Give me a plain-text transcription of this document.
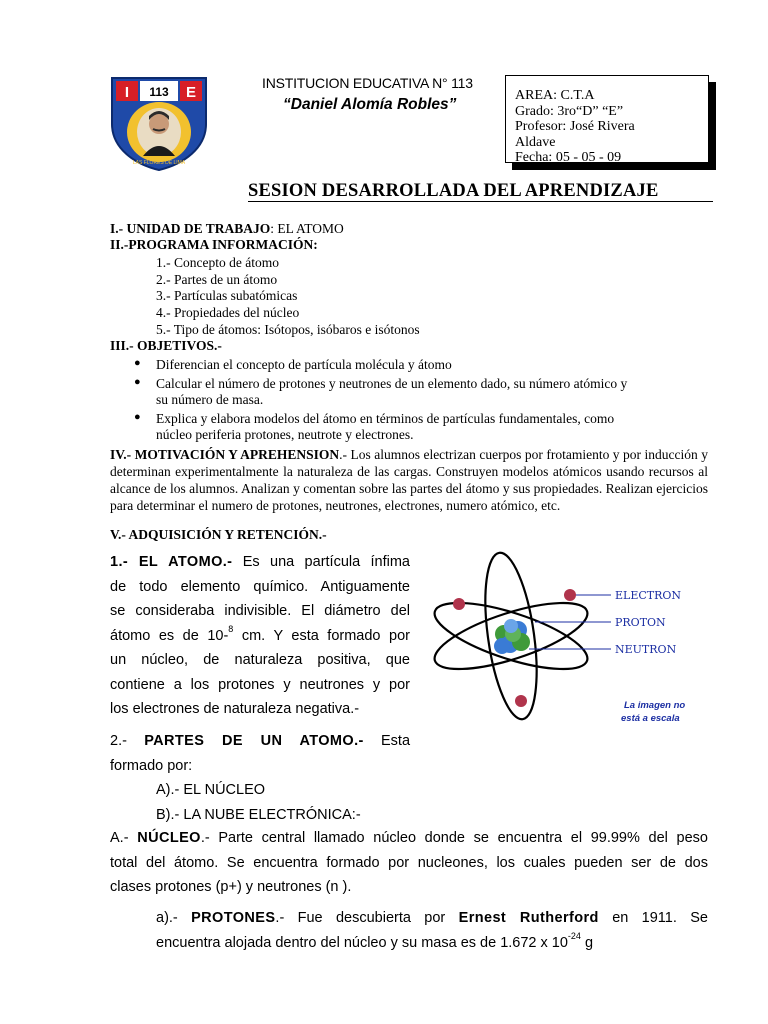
I	E
113
LAS FLORES DE LIMA
INSTITUCION EDUCATIVA N° 113
“Daniel Alomía Robles”
AREA: C.T.A
Grado: 3ro“D” “E”
Profesor: José Rivera
Aldave
Fecha: 05 - 05 - 09
SESION DESARROLLADA DEL APRENDIZAJE
I.- UNIDAD DE TRABAJO: EL ATOMO
II.-PROGRAMA INFORMACIÓN:
1.- Concepto de átomo
2.- Partes de un átomo
3.- Partículas subatómicas
4.- Propiedades del núcleo
5.- Tipo de átomos: Isótopos, isóbaros e isótonos
III.- OBJETIVOS.-
● Diferencian el concepto de partícula molécula y átomo
● Calcular el número de protones y neutrones de un elemento dado, su número atómico y
su número de masa.
● Explica y elabora modelos del átomo en términos de partículas fundamentales, como
núcleo periferia protones, neutrote y electrones.
IV.- MOTIVACIÓN Y APREHENSION.- Los alumnos electrizan cuerpos por frotamiento y por inducción y determinan experimentalmente la naturaleza de las cargas. Construyen modelos atómicos usando recursos al alcance de los alumnos. Analizan y comentan sobre las partes del átomo y sus propiedades. Realizan ejercicios para determinar el numero de protones, neutrones, electrones, numero atómico, etc.
V.- ADQUISICIÓN Y RETENCIÓN.-
1.- EL ATOMO.- Es una partícula ínfima
de todo elemento químico. Antiguamente
se consideraba indivisible. El diámetro del
átomo es de 10-$^8$ cm. Y esta formado por
un núcleo, de naturaleza positiva, que
contiene a los protones y neutrones y por
los electrones de naturaleza negativa.-
ELECTRON
PROTON
NEUTRON
La imagen no
está a escala
2.- PARTES DE UN ATOMO.- Esta
formado por:
A).- EL NÚCLEO
B).- LA NUBE ELECTRÓNICA:-
A.- NÚCLEO.- Parte central llamado núcleo donde se encuentra el 99.99% del peso
total del átomo. Se encuentra formado por nucleones, los cuales pueden ser de dos
clases protones (p+) y neutrones (n ).
a).- PROTONES.- Fue descubierta por Ernest Rutherford en 1911. Se
encuentra alojada dentro del núcleo y su masa es de 1.672 x $10^{-24}$ g
